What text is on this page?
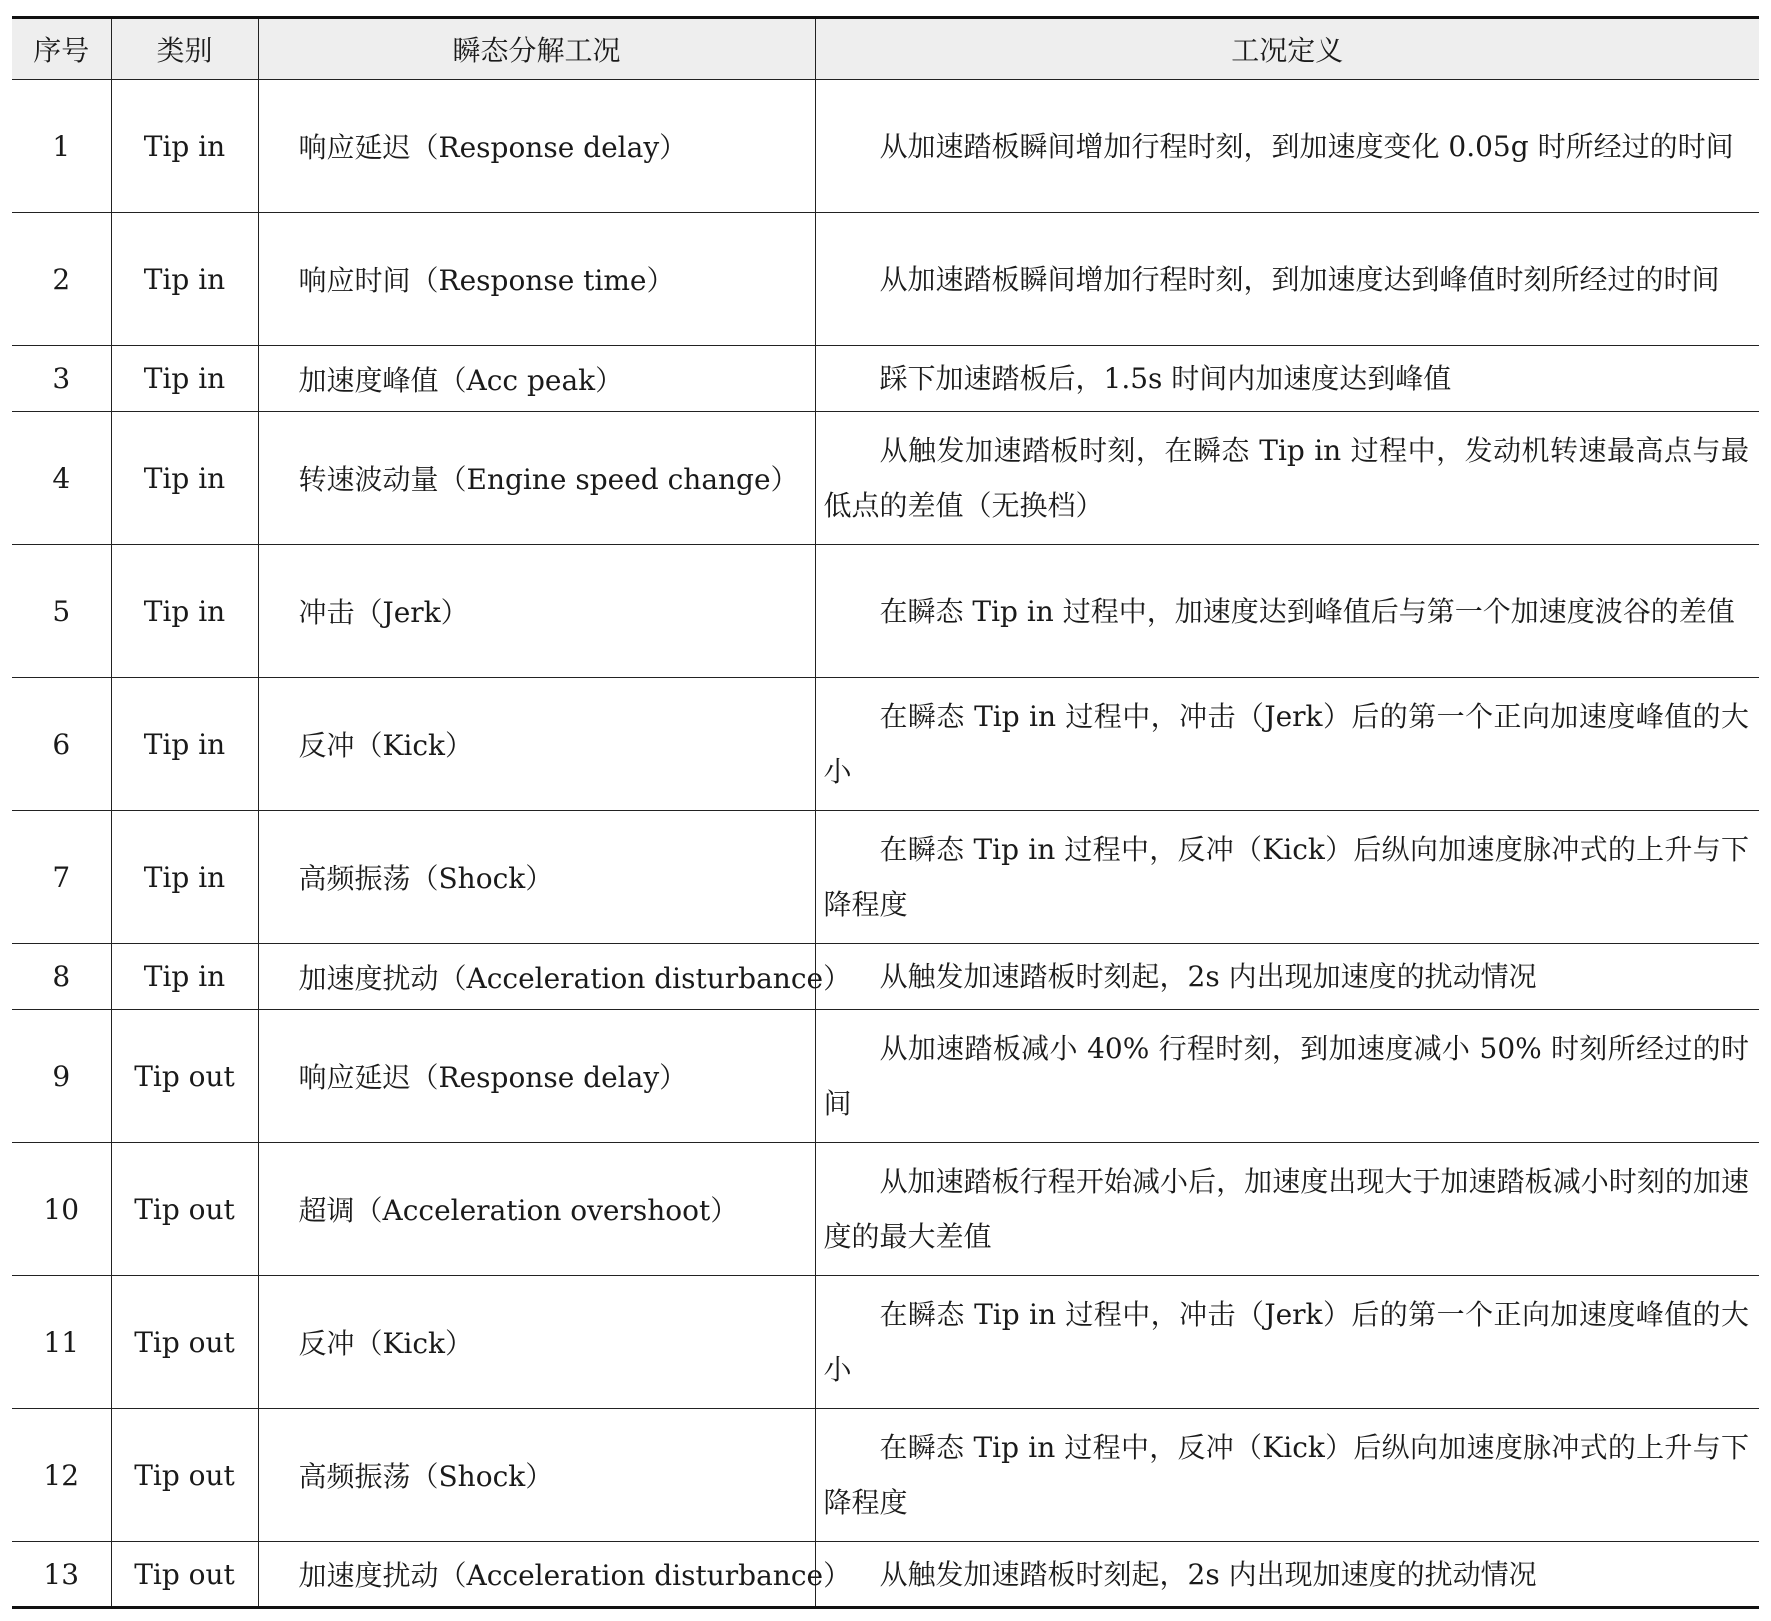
序号	类别	瞬态分解工况	工况定义
1	Tip in	响应延迟（Response delay）	从加速踏板瞬间增加行程时刻，到加速度变化 0.05g 时所经过的时间

2	Tip in	响应时间（Response time）	从加速踏板瞬间增加行程时刻，到加速度达到峰值时刻所经过的时间

3	Tip in	加速度峰值（Acc peak）	踩下加速踏板后，1.5s 时间内加速度达到峰值

4	Tip in	转速波动量（Engine speed change）	从触发加速踏板时刻，在瞬态 Tip in 过程中，发动机转速最高点与最低点的差值（无换档）

5	Tip in	冲击（Jerk）	在瞬态 Tip in 过程中，加速度达到峰值后与第一个加速度波谷的差值

6	Tip in	反冲（Kick）	在瞬态 Tip in 过程中，冲击（Jerk）后的第一个正向加速度峰值的大小

7	Tip in	高频振荡（Shock）	在瞬态 Tip in 过程中，反冲（Kick）后纵向加速度脉冲式的上升与下降程度

8	Tip in	加速度扰动（Acceleration disturbance）	从触发加速踏板时刻起，2s 内出现加速度的扰动情况

9	Tip out	响应延迟（Response delay）	从加速踏板减小 40% 行程时刻，到加速度减小 50% 时刻所经过的时间

10	Tip out	超调（Acceleration overshoot）	从加速踏板行程开始减小后，加速度出现大于加速踏板减小时刻的加速度的最大差值

11	Tip out	反冲（Kick）	在瞬态 Tip in 过程中，冲击（Jerk）后的第一个正向加速度峰值的大小

12	Tip out	高频振荡（Shock）	在瞬态 Tip in 过程中，反冲（Kick）后纵向加速度脉冲式的上升与下降程度

13	Tip out	加速度扰动（Acceleration disturbance）	从触发加速踏板时刻起，2s 内出现加速度的扰动情况
